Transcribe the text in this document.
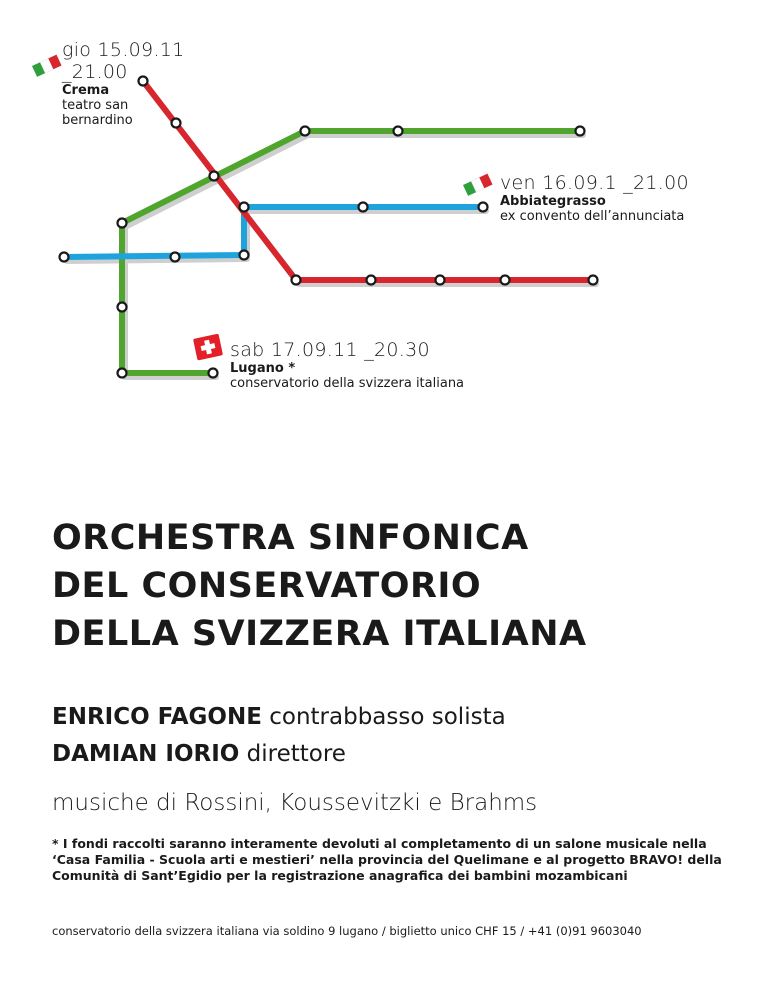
gio 15.09.11 _21.00
Crema
teatro san
bernardino
ven 16.09.1 _21.00
Abbiategrasso
ex convento dell’annunciata
sab 17.09.11 _20.30
Lugano *
conservatorio della svizzera italiana
ORCHESTRA SINFONICA
DEL CONSERVATORIO
DELLA SVIZZERA ITALIANA
ENRICO FAGONE contrabbasso solista
DAMIAN IORIO direttore
musiche di Rossini, Koussevitzki e Brahms

* I fondi raccolti saranno interamente devoluti al completamento di un salone musicale nella ‘Casa Familia - Scuola arti e mestieri’ nella provincia del Quelimane e al progetto BRAVO! della Comunità di Sant’Egidio per la registrazione anagrafica dei bambini mozambicani

conservatorio della svizzera italiana via soldino 9 lugano / biglietto unico CHF 15 / +41 (0)91 9603040
